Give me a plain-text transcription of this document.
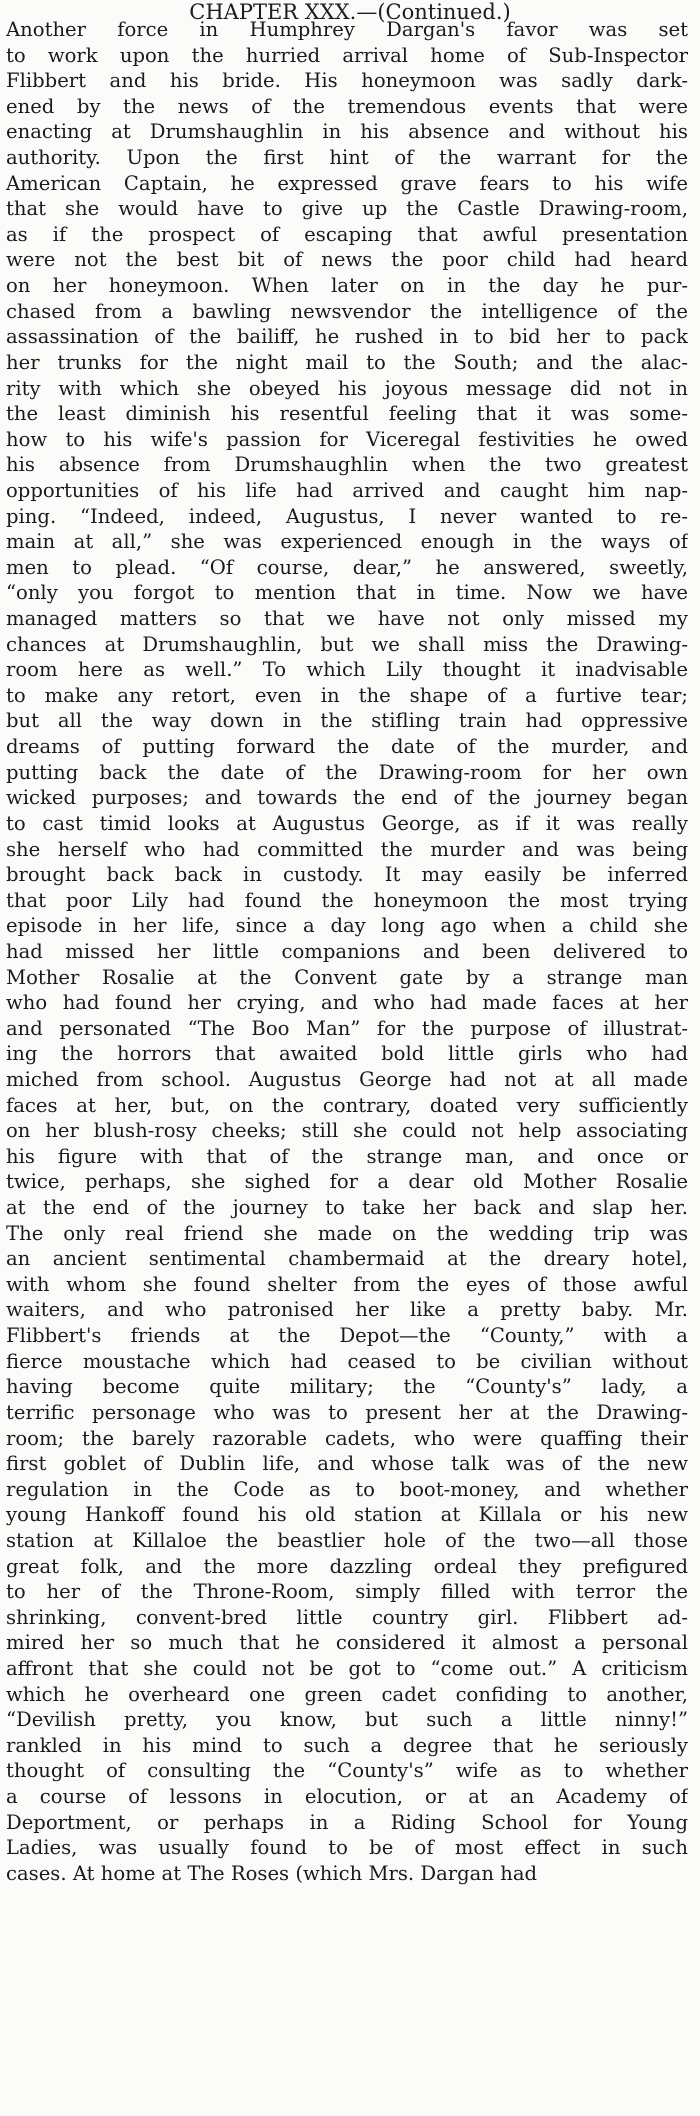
CHAPTER XXX.—(Continued.)
Another force in Humphrey Dargan's favor was set
to work upon the hurried arrival home of Sub-Inspector
Flibbert and his bride. His honeymoon was sadly dark-
ened by the news of the tremendous events that were
enacting at Drumshaughlin in his absence and without his
authority. Upon the first hint of the warrant for the
American Captain, he expressed grave fears to his wife
that she would have to give up the Castle Drawing-room,
as if the prospect of escaping that awful presentation
were not the best bit of news the poor child had heard
on her honeymoon. When later on in the day he pur-
chased from a bawling newsvendor the intelligence of the
assassination of the bailiff, he rushed in to bid her to pack
her trunks for the night mail to the South; and the alac-
rity with which she obeyed his joyous message did not in
the least diminish his resentful feeling that it was some-
how to his wife's passion for Viceregal festivities he owed
his absence from Drumshaughlin when the two greatest
opportunities of his life had arrived and caught him nap-
ping. “Indeed, indeed, Augustus, I never wanted to re-
main at all,” she was experienced enough in the ways of
men to plead. “Of course, dear,” he answered, sweetly,
“only you forgot to mention that in time. Now we have
managed matters so that we have not only missed my
chances at Drumshaughlin, but we shall miss the Drawing-
room here as well.” To which Lily thought it inadvisable
to make any retort, even in the shape of a furtive tear;
but all the way down in the stifling train had oppressive
dreams of putting forward the date of the murder, and
putting back the date of the Drawing-room for her own
wicked purposes; and towards the end of the journey began
to cast timid looks at Augustus George, as if it was really
she herself who had committed the murder and was being
brought back back in custody. It may easily be inferred
that poor Lily had found the honeymoon the most trying
episode in her life, since a day long ago when a child she
had missed her little companions and been delivered to
Mother Rosalie at the Convent gate by a strange man
who had found her crying, and who had made faces at her
and personated “The Boo Man” for the purpose of illustrat-
ing the horrors that awaited bold little girls who had
miched from school. Augustus George had not at all made
faces at her, but, on the contrary, doated very sufficiently
on her blush-rosy cheeks; still she could not help associating
his figure with that of the strange man, and once or
twice, perhaps, she sighed for a dear old Mother Rosalie
at the end of the journey to take her back and slap her.
The only real friend she made on the wedding trip was
an ancient sentimental chambermaid at the dreary hotel,
with whom she found shelter from the eyes of those awful
waiters, and who patronised her like a pretty baby. Mr.
Flibbert's friends at the Depot—the “County,” with a
fierce moustache which had ceased to be civilian without
having become quite military; the “County's” lady, a
terrific personage who was to present her at the Drawing-
room; the barely razorable cadets, who were quaffing their
first goblet of Dublin life, and whose talk was of the new
regulation in the Code as to boot-money, and whether
young Hankoff found his old station at Killala or his new
station at Killaloe the beastlier hole of the two—all those
great folk, and the more dazzling ordeal they prefigured
to her of the Throne-Room, simply filled with terror the
shrinking, convent-bred little country girl. Flibbert ad-
mired her so much that he considered it almost a personal
affront that she could not be got to “come out.” A criticism
which he overheard one green cadet confiding to another,
“Devilish pretty, you know, but such a little ninny!”
rankled in his mind to such a degree that he seriously
thought of consulting the “County's” wife as to whether
a course of lessons in elocution, or at an Academy of
Deportment, or perhaps in a Riding School for Young
Ladies, was usually found to be of most effect in such
cases. At home at The Roses (which Mrs. Dargan had
